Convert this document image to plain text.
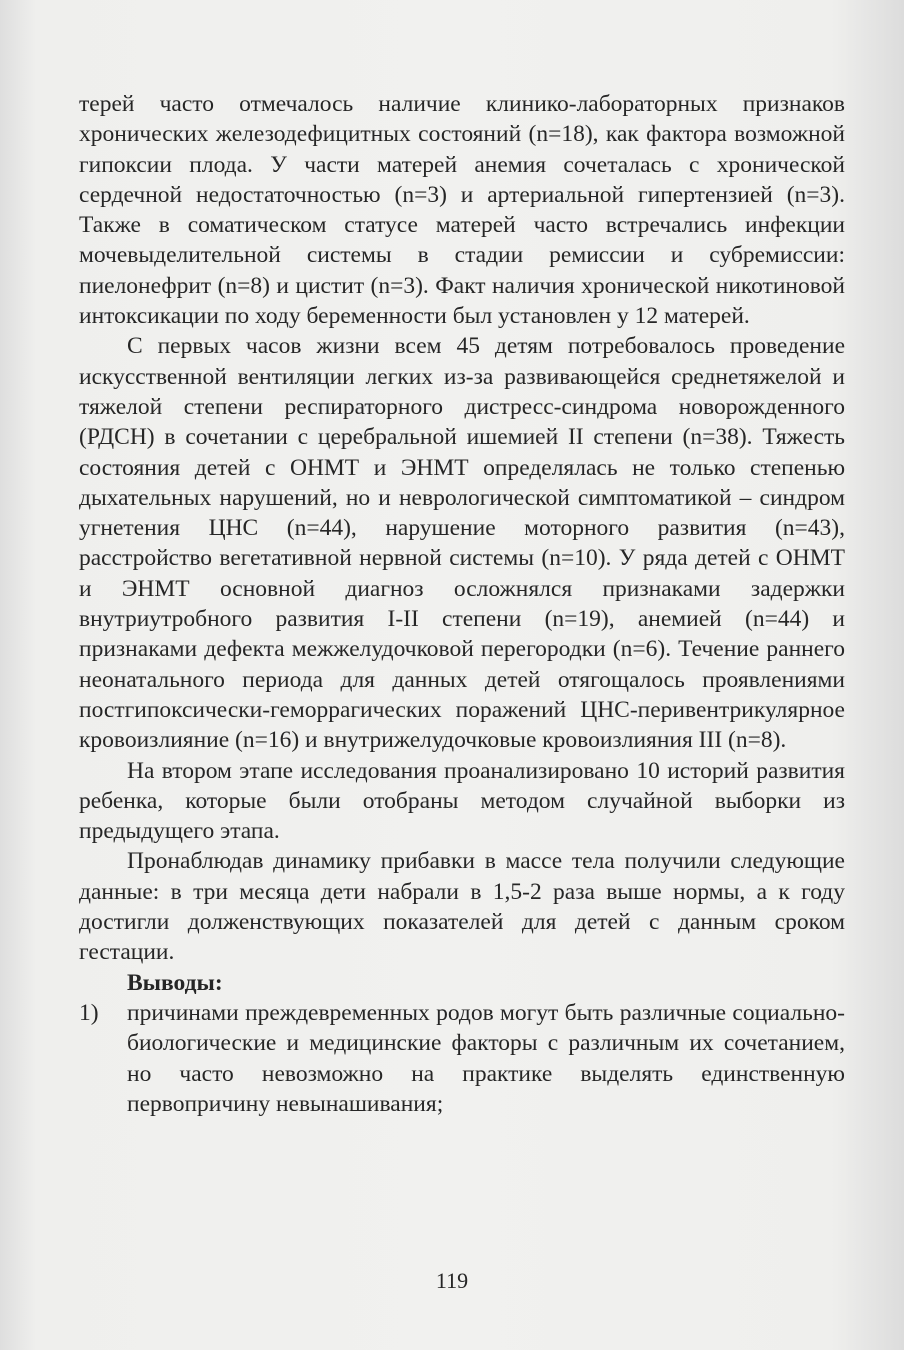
терей часто отмечалось наличие клинико-лабораторных признаков хронических железодефицитных состояний (n=18), как фактора возможной гипоксии плода. У части матерей анемия сочеталась с хронической сердечной недостаточностью (n=3) и артериальной гипертензией (n=3). Также в соматическом статусе матерей часто встречались инфекции мочевыделительной системы в стадии ремиссии и субремиссии: пиелонефрит (n=8) и цистит (n=3). Факт наличия хронической никотиновой интоксикации по ходу беременности был установлен у 12 матерей.

С первых часов жизни всем 45 детям потребовалось проведение искусственной вентиляции легких из-за развивающейся среднетяжелой и тяжелой степени респираторного дистресс-синдрома новорожденного (РДСН) в сочетании с церебральной ишемией II степени (n=38). Тяжесть состояния детей с ОНМТ и ЭНМТ определялась не только степенью дыхательных нарушений, но и неврологической симптоматикой – синдром угнетения ЦНС (n=44), нарушение моторного развития (n=43), расстройство вегетативной нервной системы (n=10). У ряда детей с ОНМТ и ЭНМТ основной диагноз осложнялся признаками задержки внутриутробного развития I-II степени (n=19), анемией (n=44) и признаками дефекта межжелудочковой перегородки (n=6). Течение раннего неонатального периода для данных детей отягощалось проявлениями постгипоксически-геморрагических поражений ЦНС-перивентрикулярное кровоизлияние (n=16) и внутрижелудочковые кровоизлияния III (n=8).

На втором этапе исследования проанализировано 10 историй развития ребенка, которые были отобраны методом случайной выборки из предыдущего этапа.

Пронаблюдав динамику прибавки в массе тела получили следующие данные: в три месяца дети набрали в 1,5-2 раза выше нормы, а к году достигли долженствующих показателей для детей с данным сроком гестации.

Выводы:

1)	причинами преждевременных родов могут быть различные социально-биологические и медицинские факторы с различным их сочетанием, но часто невозможно на практике выделять единственную первопричину невынашивания;
119
